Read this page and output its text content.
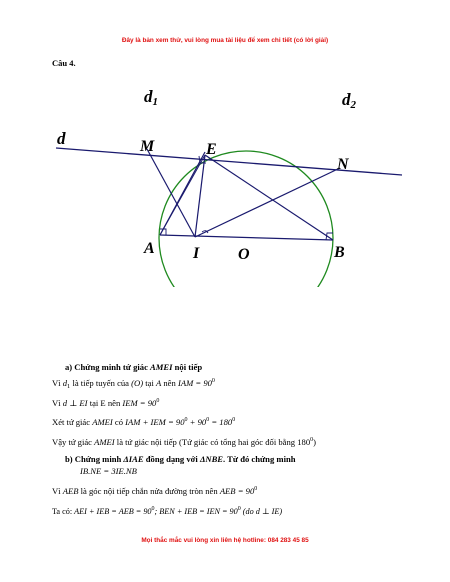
Đây là bản xem thử, vui lòng mua tài liệu để xem chi tiết (có lời giải)
Câu 4.
d1	d2
d	M	E
N
A I O	B
a) Chứng minh tứ giác AMEI nội tiếp
Vì $d_1$ là tiếp tuyến của (O) tại A nên IAM = $90^0$
Vì d ⊥ EI tại E nên IEM = $90^0$
Xét tứ giác AMEI có IAM + IEM = $90^0 + 90^0 = 180^0$
Vậy tứ giác AMEI là tứ giác nội tiếp (Tứ giác có tổng hai góc đối bằng $180^0$)
b) Chứng minh ΔIAE đồng dạng với ΔNBE. Từ đó chứng minh
IB.NE = 3IE.NB
Vì AEB là góc nội tiếp chắn nửa đường tròn nên AEB = $90^0$
Ta có: AEI + IEB = AEB = $90^0$; BEN + IEB = IEN = $90^0$ (do d ⊥ IE)
Mọi thắc mắc vui lòng xin liên hệ hotline: 084 283 45 85
